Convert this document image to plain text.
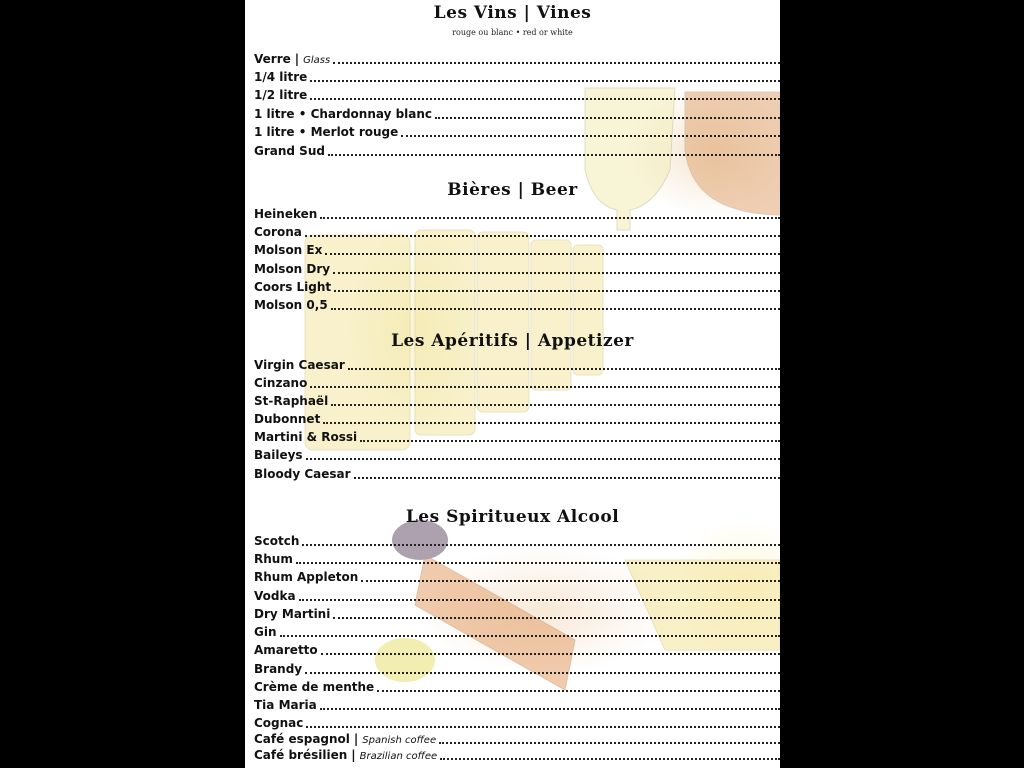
Les Vins | Vines

rouge ou blanc • red or white

Verre | Glass
1/4 litre
1/2 litre
1 litre • Chardonnay blanc
1 litre • Merlot rouge
Grand Sud
Bières | Beer
Heineken
Corona
Molson Ex
Molson Dry
Coors Light
Molson 0,5
Les Apéritifs | Appetizer
Virgin Caesar
Cinzano
St-Raphaël
Dubonnet
Martini & Rossi
Baileys
Bloody Caesar
Les Spiritueux Alcool
Scotch
Rhum
Rhum Appleton
Vodka
Dry Martini
Gin
Amaretto
Brandy
Crème de menthe
Tia Maria
Cognac
Café espagnol | Spanish coffee
Café brésilien | Brazilian coffee
